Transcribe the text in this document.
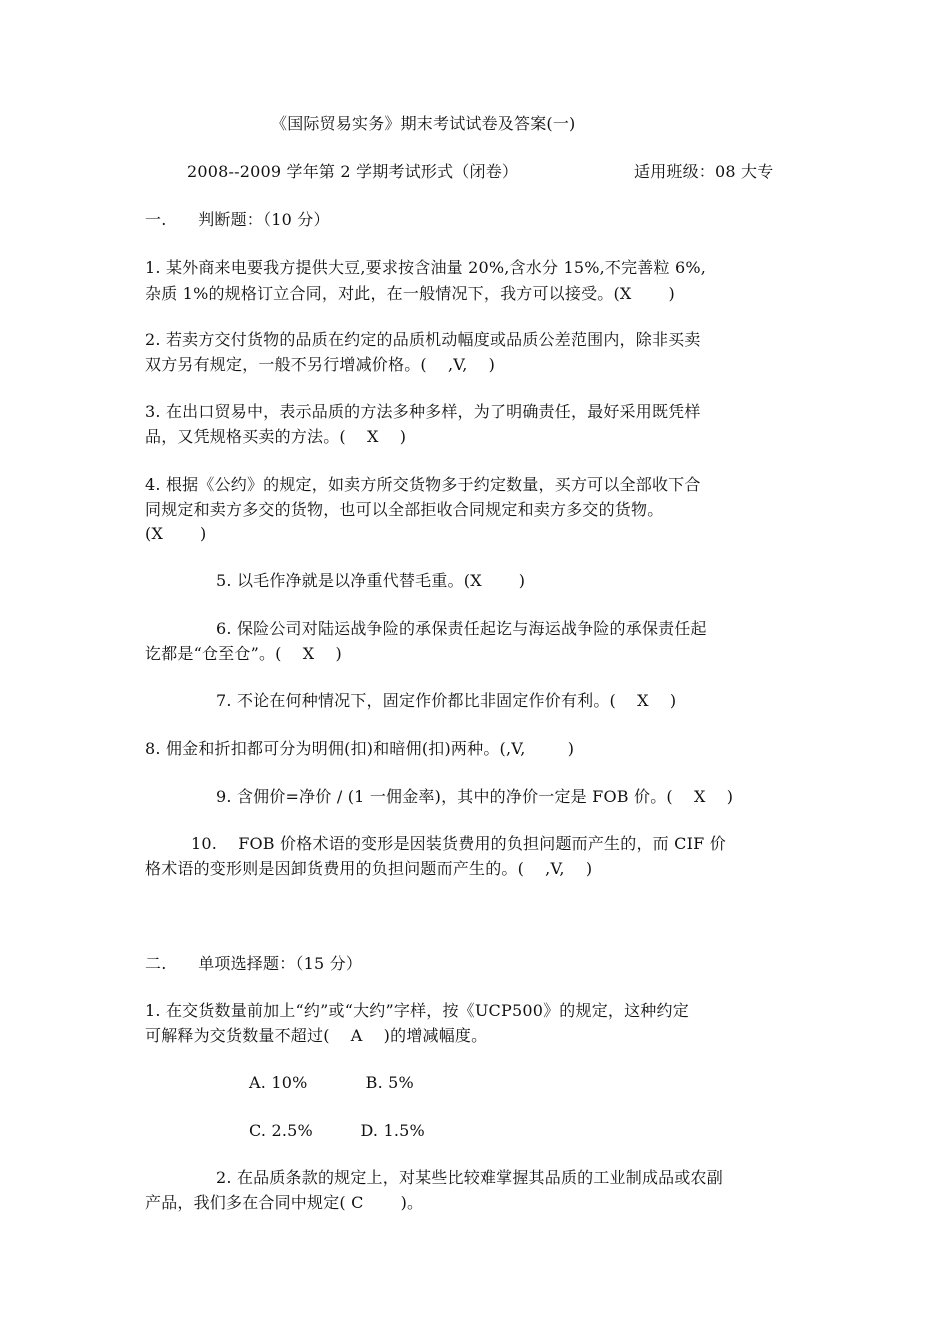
《国际贸易实务》期末考试试卷及答案(一)
2008--2009 学年第 2 学期考试形式（闭卷）	适用班级：08 大专
一.      判断题：（10 分）
1. 某外商来电要我方提供大豆,要求按含油量 20%,含水分 15%,不完善粒 6%,
杂质 1%的规格订立合同，对此，在一般情况下，我方可以接受。(X       )
2. 若卖方交付货物的品质在约定的品质机动幅度或品质公差范围内，除非买卖
双方另有规定，一般不另行增减价格。(    ,V,    )
3. 在出口贸易中，表示品质的方法多种多样，为了明确责任，最好采用既凭样
品，又凭规格买卖的方法。(    X    )
4. 根据《公约》的规定，如卖方所交货物多于约定数量，买方可以全部收下合
同规定和卖方多交的货物，也可以全部拒收合同规定和卖方多交的货物。
(X       )
5. 以毛作净就是以净重代替毛重。(X       )
6. 保险公司对陆运战争险的承保责任起讫与海运战争险的承保责任起
讫都是“仓至仓”。(    X    )
7. 不论在何种情况下，固定作价都比非固定作价有利。(    X    )
8. 佣金和折扣都可分为明佣(扣)和暗佣(扣)两种。(,V,        )
9. 含佣价=净价 / (1 一佣金率)，其中的净价一定是 FOB 价。(    X    )
10.    FOB 价格术语的变形是因装货费用的负担问题而产生的，而 CIF 价
格术语的变形则是因卸货费用的负担问题而产生的。(    ,V,    )
二.      单项选择题：（15 分）
1. 在交货数量前加上“约”或“大约”字样，按《UCP500》的规定，这种约定
可解释为交货数量不超过(    A    )的增减幅度。
A. 10%           B. 5%
C. 2.5%         D. 1.5%
2. 在品质条款的规定上，对某些比较难掌握其品质的工业制成品或农副
产品，我们多在合同中规定( C       )。
